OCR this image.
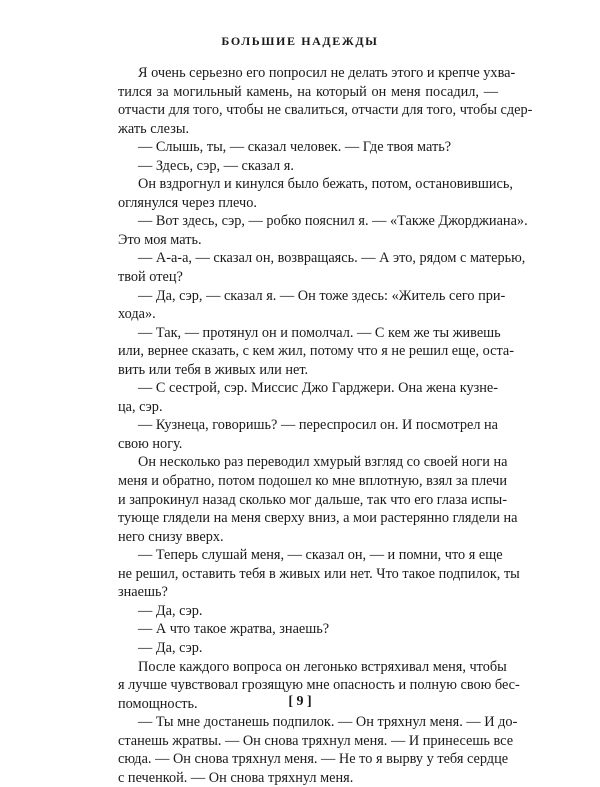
БОЛЬШИЕ НАДЕЖДЫ
Я очень серьезно его попросил не делать этого и крепче ухва-
тился за могильный камень, на который он меня посадил, —
отчасти для того, чтобы не свалиться, отчасти для того, чтобы сдер-
жать слезы.
— Слышь, ты, — сказал человек. — Где твоя мать?
— Здесь, сэр, — сказал я.
Он вздрогнул и кинулся было бежать, потом, остановившись,
оглянулся через плечо.
— Вот здесь, сэр, — робко пояснил я. — «Также Джорджиана».
Это моя мать.
— А-а-а, — сказал он, возвращаясь. — А это, рядом с матерью,
твой отец?
— Да, сэр, — сказал я. — Он тоже здесь: «Житель сего при-
хода».
— Так, — протянул он и помолчал. — С кем же ты живешь
или, вернее сказать, с кем жил, потому что я не решил еще, оста-
вить или тебя в живых или нет.
— С сестрой, сэр. Миссис Джо Гарджери. Она жена кузне-
ца, сэр.
— Кузнеца, говоришь? — переспросил он. И посмотрел на
свою ногу.
Он несколько раз переводил хмурый взгляд со своей ноги на
меня и обратно, потом подошел ко мне вплотную, взял за плечи
и запрокинул назад сколько мог дальше, так что его глаза испы-
тующе глядели на меня сверху вниз, а мои растерянно глядели на
него снизу вверх.
— Теперь слушай меня, — сказал он, — и помни, что я еще
не решил, оставить тебя в живых или нет. Что такое подпилок, ты
знаешь?
— Да, сэр.
— А что такое жратва, знаешь?
— Да, сэр.
После каждого вопроса он легонько встряхивал меня, чтобы
я лучше чувствовал грозящую мне опасность и полную свою бес-
помощность.
— Ты мне достанешь подпилок. — Он тряхнул меня. — И до-
станешь жратвы. — Он снова тряхнул меня. — И принесешь все
сюда. — Он снова тряхнул меня. — Не то я вырву у тебя сердце
с печенкой. — Он снова тряхнул меня.
[ 9 ]
